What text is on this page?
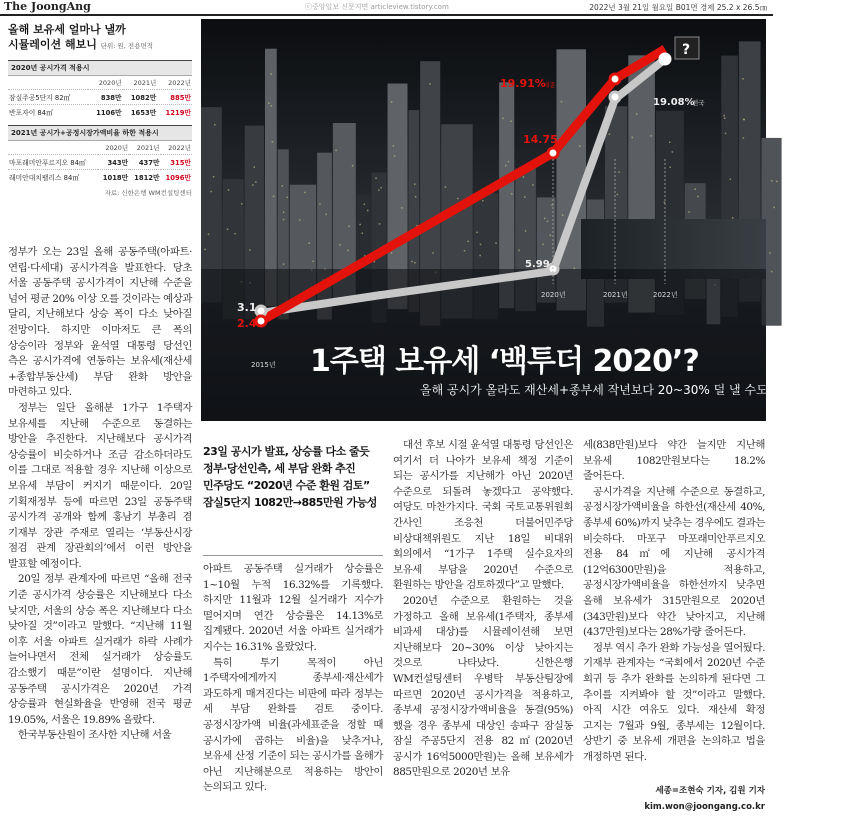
The JoongAng	ⓒ중앙일보 신문지면 articleview.tistory.com	2022년 3월 21일 월요일 B01면 경제 25.2 x 26.5㎝
올해 보유세 얼마나 낼까
시뮬레이션 해보니 단위: 원, 전용면적
2020년 공시가격 적용시
	2020년	2021년	2022년
잠실주공5단지 82㎡	838만	1082만	885만
반포자이 84㎡	1106만	1653만	1219만
2021년 공시가+공정시장가액비율 하한 적용시
	2020년	2021년	2022년
마포래미안푸르지오 84㎡	343만	437만	315만
래미안대치팰리스 84㎡	1018만	1812만	1096만
자료: 신한은행 WM컨설팅센터
2015년
2020년	2021년	2022년
3.1
2.4
14.75
5.99
19.91%
세종
19.08%
전국
?
주택 공시가 상승률
공동주택 기준, 전년대비 변동률
자료: 국토교통부
1주택 보유세 ‘백투더 2020’?
올해 공시가 올라도 재산세+종부세 작년보다 20~30% 덜 낼 수도

정부가 오는 23일 올해 공동주택(아파트·연립·다세대) 공시가격을 발표한다. 당초 서울 공동주택 공시가격이 지난해 수준을 넘어 평균 20% 이상 오를 것이라는 예상과 달리, 지난해보다 상승 폭이 다소 낮아질 전망이다. 하지만 이마저도 큰 폭의 상승이라 정부와 윤석열 대통령 당선인 측은 공시가격에 연동하는 보유세(재산세+종합부동산세) 부담 완화 방안을 마련하고 있다.

정부는 일단 올해분 1가구 1주택자 보유세를 지난해 수준으로 동결하는 방안을 추진한다. 지난해보다 공시가격 상승률이 비슷하거나 조금 감소하더라도 이를 그대로 적용할 경우 지난해 이상으로 보유세 부담이 커지기 때문이다. 20일 기획재정부 등에 따르면 23일 공동주택 공시가격 공개와 함께 홍남기 부총리 겸 기재부 장관 주재로 열리는 ‘부동산시장 점검 관계 장관회의’에서 이런 방안을 발표할 예정이다.

20일 정부 관계자에 따르면 “올해 전국 기준 공시가격 상승률은 지난해보다 다소 낮지만, 서울의 상승 폭은 지난해보다 다소 낮아질 것”이라고 말했다. “지난해 11월 이후 서울 아파트 실거래가 하락 사례가 늘어나면서 전체 실거래가 상승률도 감소했기 때문”이란 설명이다. 지난해 공동주택 공시가격은 2020년 가격 상승률과 현실화율을 반영해 전국 평균 19.05%, 서울은 19.89% 올랐다.

한국부동산원이 조사한 지난해 서울

23일 공시가 발표, 상승률 다소 줄듯
정부·당선인측, 세 부담 완화 추진
민주당도 “2020년 수준 환원 검토”
잠실5단지 1082만→885만원 가능성

아파트 공동주택 실거래가 상승률은 1~10월 누적 16.32%를 기록했다. 하지만 11월과 12월 실거래가 지수가 떨어지며 연간 상승률은 14.13%로 집계됐다. 2020년 서울 아파트 실거래가 지수는 16.31% 올랐었다.

특히 투기 목적이 아닌 1주택자에게까지 종부세·재산세가 과도하게 매겨진다는 비판에 따라 정부는 세 부담 완화를 검토 중이다. 공정시장가액 비율(과세표준을 정할 때 공시가에 곱하는 비율)을 낮추거나, 보유세 산정 기준이 되는 공시가를 올해가 아닌 지난해분으로 적용하는 방안이 논의되고 있다.

대선 후보 시절 윤석열 대통령 당선인은 여기서 더 나아가 보유세 책정 기준이 되는 공시가를 지난해가 아닌 2020년 수준으로 되돌려 놓겠다고 공약했다. 여당도 마찬가지다. 국회 국토교통위원회 간사인 조응천 더불어민주당 비상대책위원도 지난 18일 비대위 회의에서 “1가구 1주택 실수요자의 보유세 부담을 2020년 수준으로 환원하는 방안을 검토하겠다”고 말했다.

2020년 수준으로 환원하는 것을 가정하고 올해 보유세(1주택자, 종부세 비과세 대상)를 시뮬레이션해 보면 지난해보다 20~30% 이상 낮아지는 것으로 나타났다. 신한은행 WM컨설팅센터 우병탁 부동산팀장에 따르면 2020년 공시가격을 적용하고, 종부세 공정시장가액비율을 동결(95%)했을 경우 종부세 대상인 송파구 잠실동 잠실 주공5단지 전용 82㎡(2020년 공시가 16억5000만원)는 올해 보유세가 885만원으로 2020년 보유

세(838만원)보다 약간 늘지만 지난해 보유세 1082만원보다는 18.2% 줄어든다.

공시가격을 지난해 수준으로 동결하고, 공정시장가액비율을 하한선(재산세 40%, 종부세 60%)까지 낮추는 경우에도 결과는 비슷하다. 마포구 마포래미안푸르지오 전용 84㎡에 지난해 공시가격(12억6300만원)을 적용하고, 공정시장가액비율을 하한선까지 낮추면 올해 보유세가 315만원으로 2020년(343만원)보다 약간 낮아지고, 지난해(437만원)보다는 28%가량 줄어든다.

정부 역시 추가 완화 가능성을 열어뒀다. 기재부 관계자는 “국회에서 2020년 수준 회귀 등 추가 완화를 논의하게 된다면 그 추이를 지켜봐야 할 것”이라고 말했다. 아직 시간 여유도 있다. 재산세 확정 고지는 7월과 9월, 종부세는 12월이다. 상반기 중 보유세 개편을 논의하고 법을 개정하면 된다.

세종=조현숙 기자, 김원 기자
kim.won@joongang.co.kr
